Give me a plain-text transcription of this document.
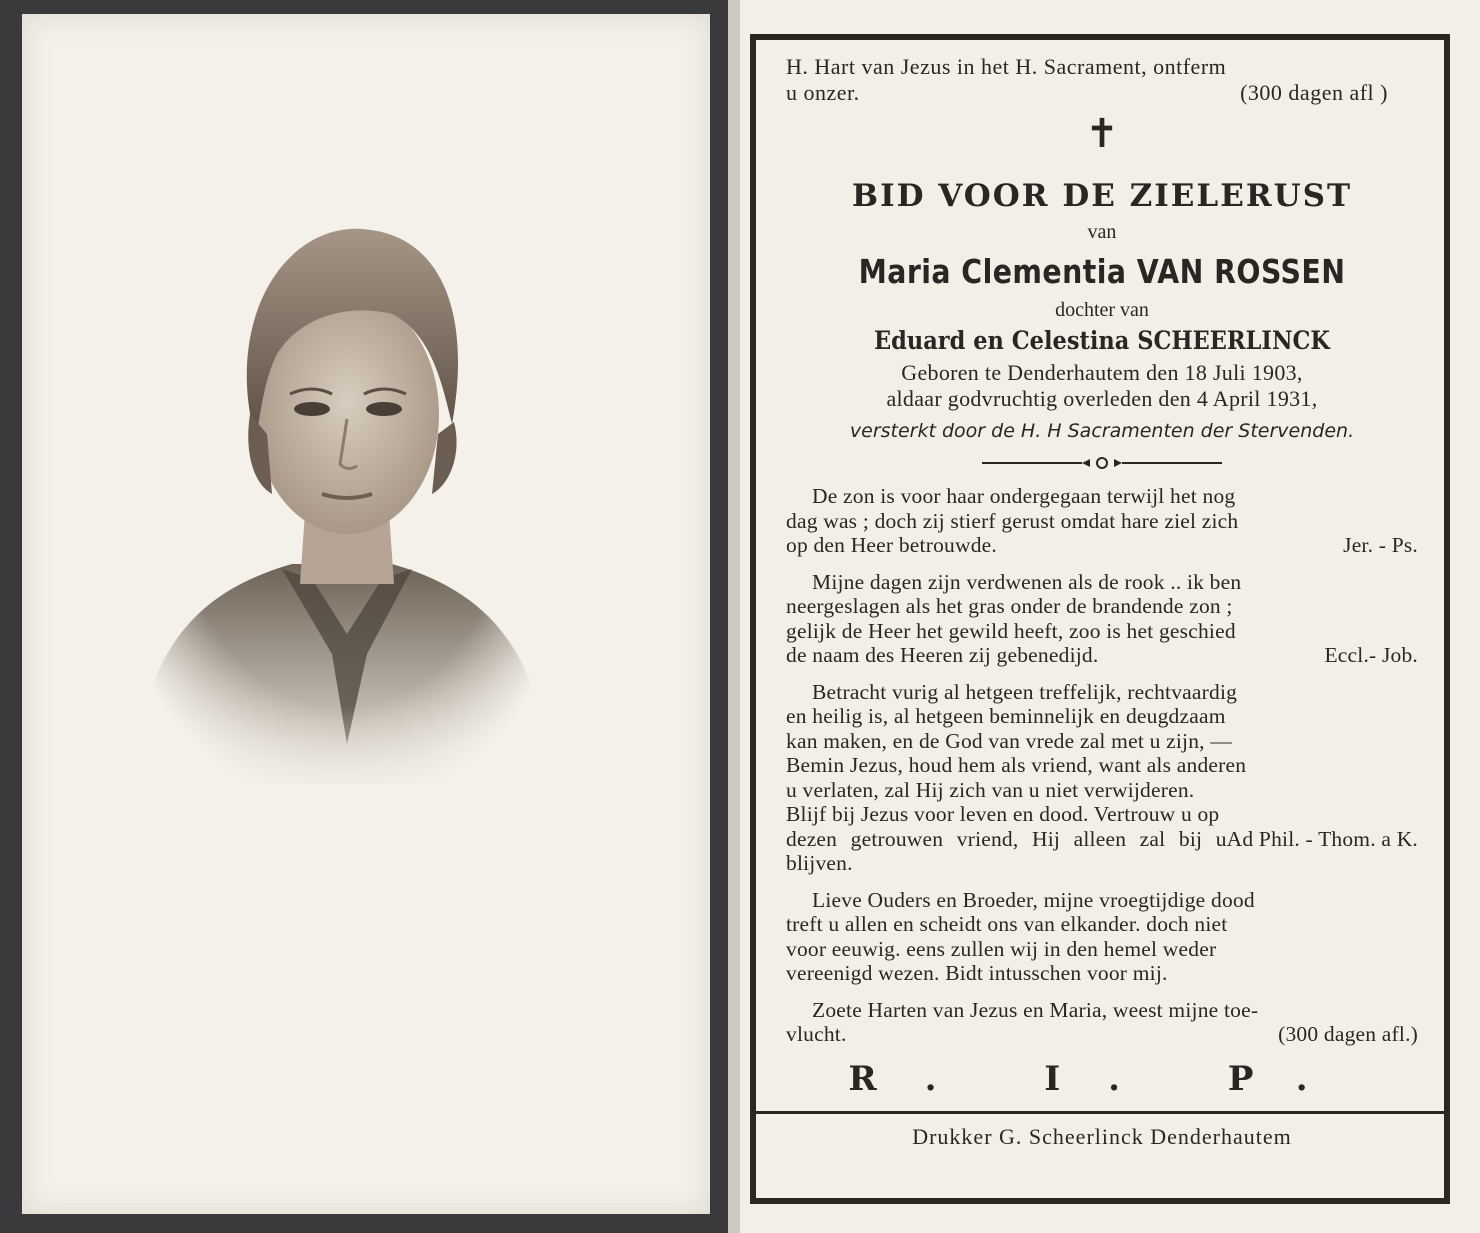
H. Hart van Jezus in het H. Sacrament, ontferm
u onzer.	(300 dagen afl )

✝
BID VOOR DE ZIELERUST

van

Maria Clementia VAN ROSSEN

dochter van

Eduard en Celestina SCHEERLINCK

Geboren te Denderhautem den 18 Juli 1903,

aldaar godvruchtig overleden den 4 April 1931,

versterkt door de H. H Sacramenten der Stervenden.

De zon is voor haar ondergegaan terwijl het nog
dag was ; doch zij stierf gerust omdat hare ziel zich
Jer. - Ps.
op den Heer betrouwde.
Mijne dagen zijn verdwenen als de rook .. ik ben
neergeslagen als het gras onder de brandende zon ;
gelijk de Heer het gewild heeft, zoo is het geschied
Eccl.- Job.
de naam des Heeren zij gebenedijd.
Betracht vurig al hetgeen treffelijk, rechtvaardig
en heilig is, al hetgeen beminnelijk en deugdzaam
kan maken, en de God van vrede zal met u zijn, —
Bemin Jezus, houd hem als vriend, want als anderen
u verlaten, zal Hij zich van u niet verwijderen.
Blijf bij Jezus voor leven en dood. Vertrouw u op
Ad Phil. - Thom. a K.
dezen getrouwen vriend, Hij alleen zal bij u blijven.
Lieve Ouders en Broeder, mijne vroegtijdige dood
treft u allen en scheidt ons van elkander. doch niet
voor eeuwig. eens zullen wij in den hemel weder
vereenigd wezen. Bidt intusschen voor mij.
Zoete Harten van Jezus en Maria, weest mijne toe-
(300 dagen afl.)
vlucht.
R. I. P.
Drukker G. Scheerlinck Denderhautem
